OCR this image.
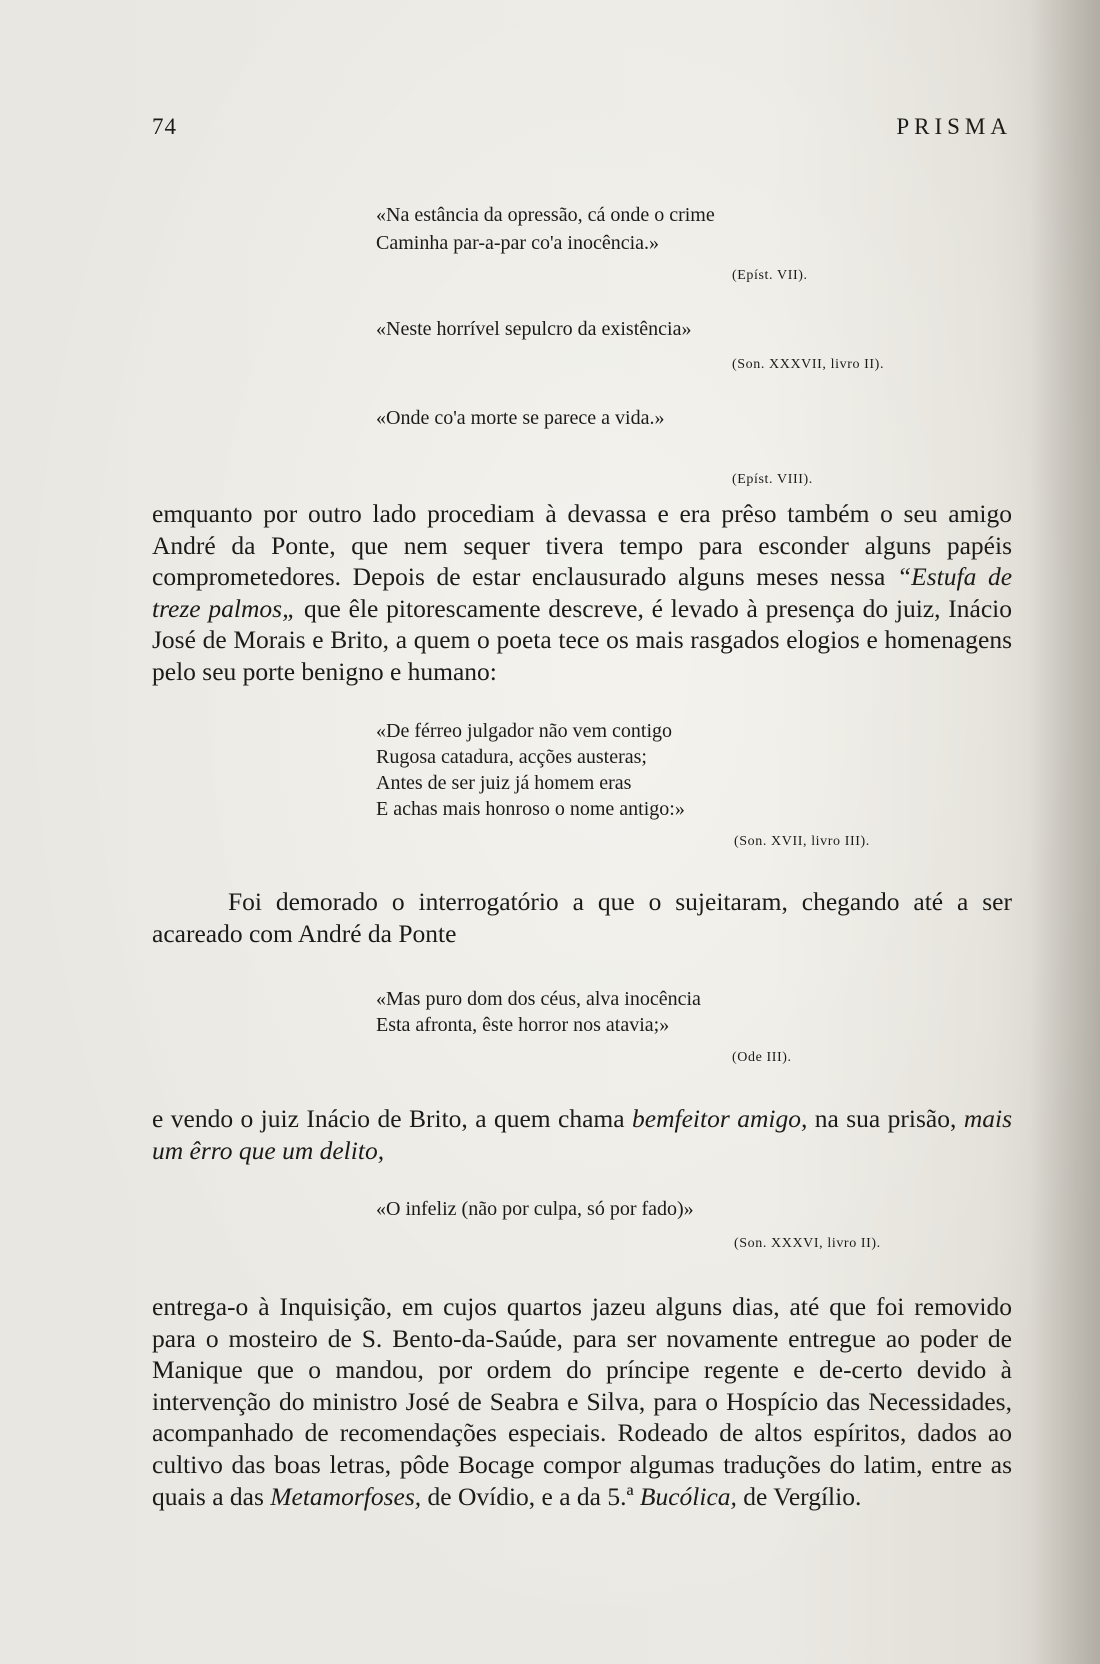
74	PRISMA
«Na estância da opressão, cá onde o crime
Caminha par-a-par co'a inocência.»
(Epíst. VII).
«Neste horrível sepulcro da existência»
(Son. XXXVII, livro II).
«Onde co'a morte se parece a vida.»
(Epíst. VIII).

emquanto por outro lado procediam à devassa e era prêso também o seu amigo André da Ponte, que nem sequer tivera tempo para esconder alguns papéis comprometedores. Depois de estar enclausurado alguns meses nessa “Estufa de treze palmos„ que êle pitorescamente descreve, é levado à presença do juiz, Inácio José de Morais e Brito, a quem o poeta tece os mais rasgados elogios e homenagens pelo seu porte benigno e humano:

«De férreo julgador não vem contigo
Rugosa catadura, acções austeras;
Antes de ser juiz já homem eras
E achas mais honroso o nome antigo:»
(Son. XVII, livro III).

Foi demorado o interrogatório a que o sujeitaram, chegando até a ser acareado com André da Ponte

«Mas puro dom dos céus, alva inocência
Esta afronta, êste horror nos atavia;»
(Ode III).

e vendo o juiz Inácio de Brito, a quem chama bemfeitor amigo, na sua prisão, mais um êrro que um delito,

«O infeliz (não por culpa, só por fado)»
(Son. XXXVI, livro II).

entrega-o à Inquisição, em cujos quartos jazeu alguns dias, até que foi removido para o mosteiro de S. Bento-da-Saúde, para ser novamente entregue ao poder de Manique que o mandou, por ordem do príncipe regente e de-certo devido à intervenção do ministro José de Seabra e Silva, para o Hospício das Necessidades, acompanhado de recomendações especiais. Rodeado de altos espíritos, dados ao cultivo das boas letras, pôde Bocage compor algumas traduções do latim, entre as quais a das Metamorfoses, de Ovídio, e a da 5.ª Bucólica, de Vergílio.
